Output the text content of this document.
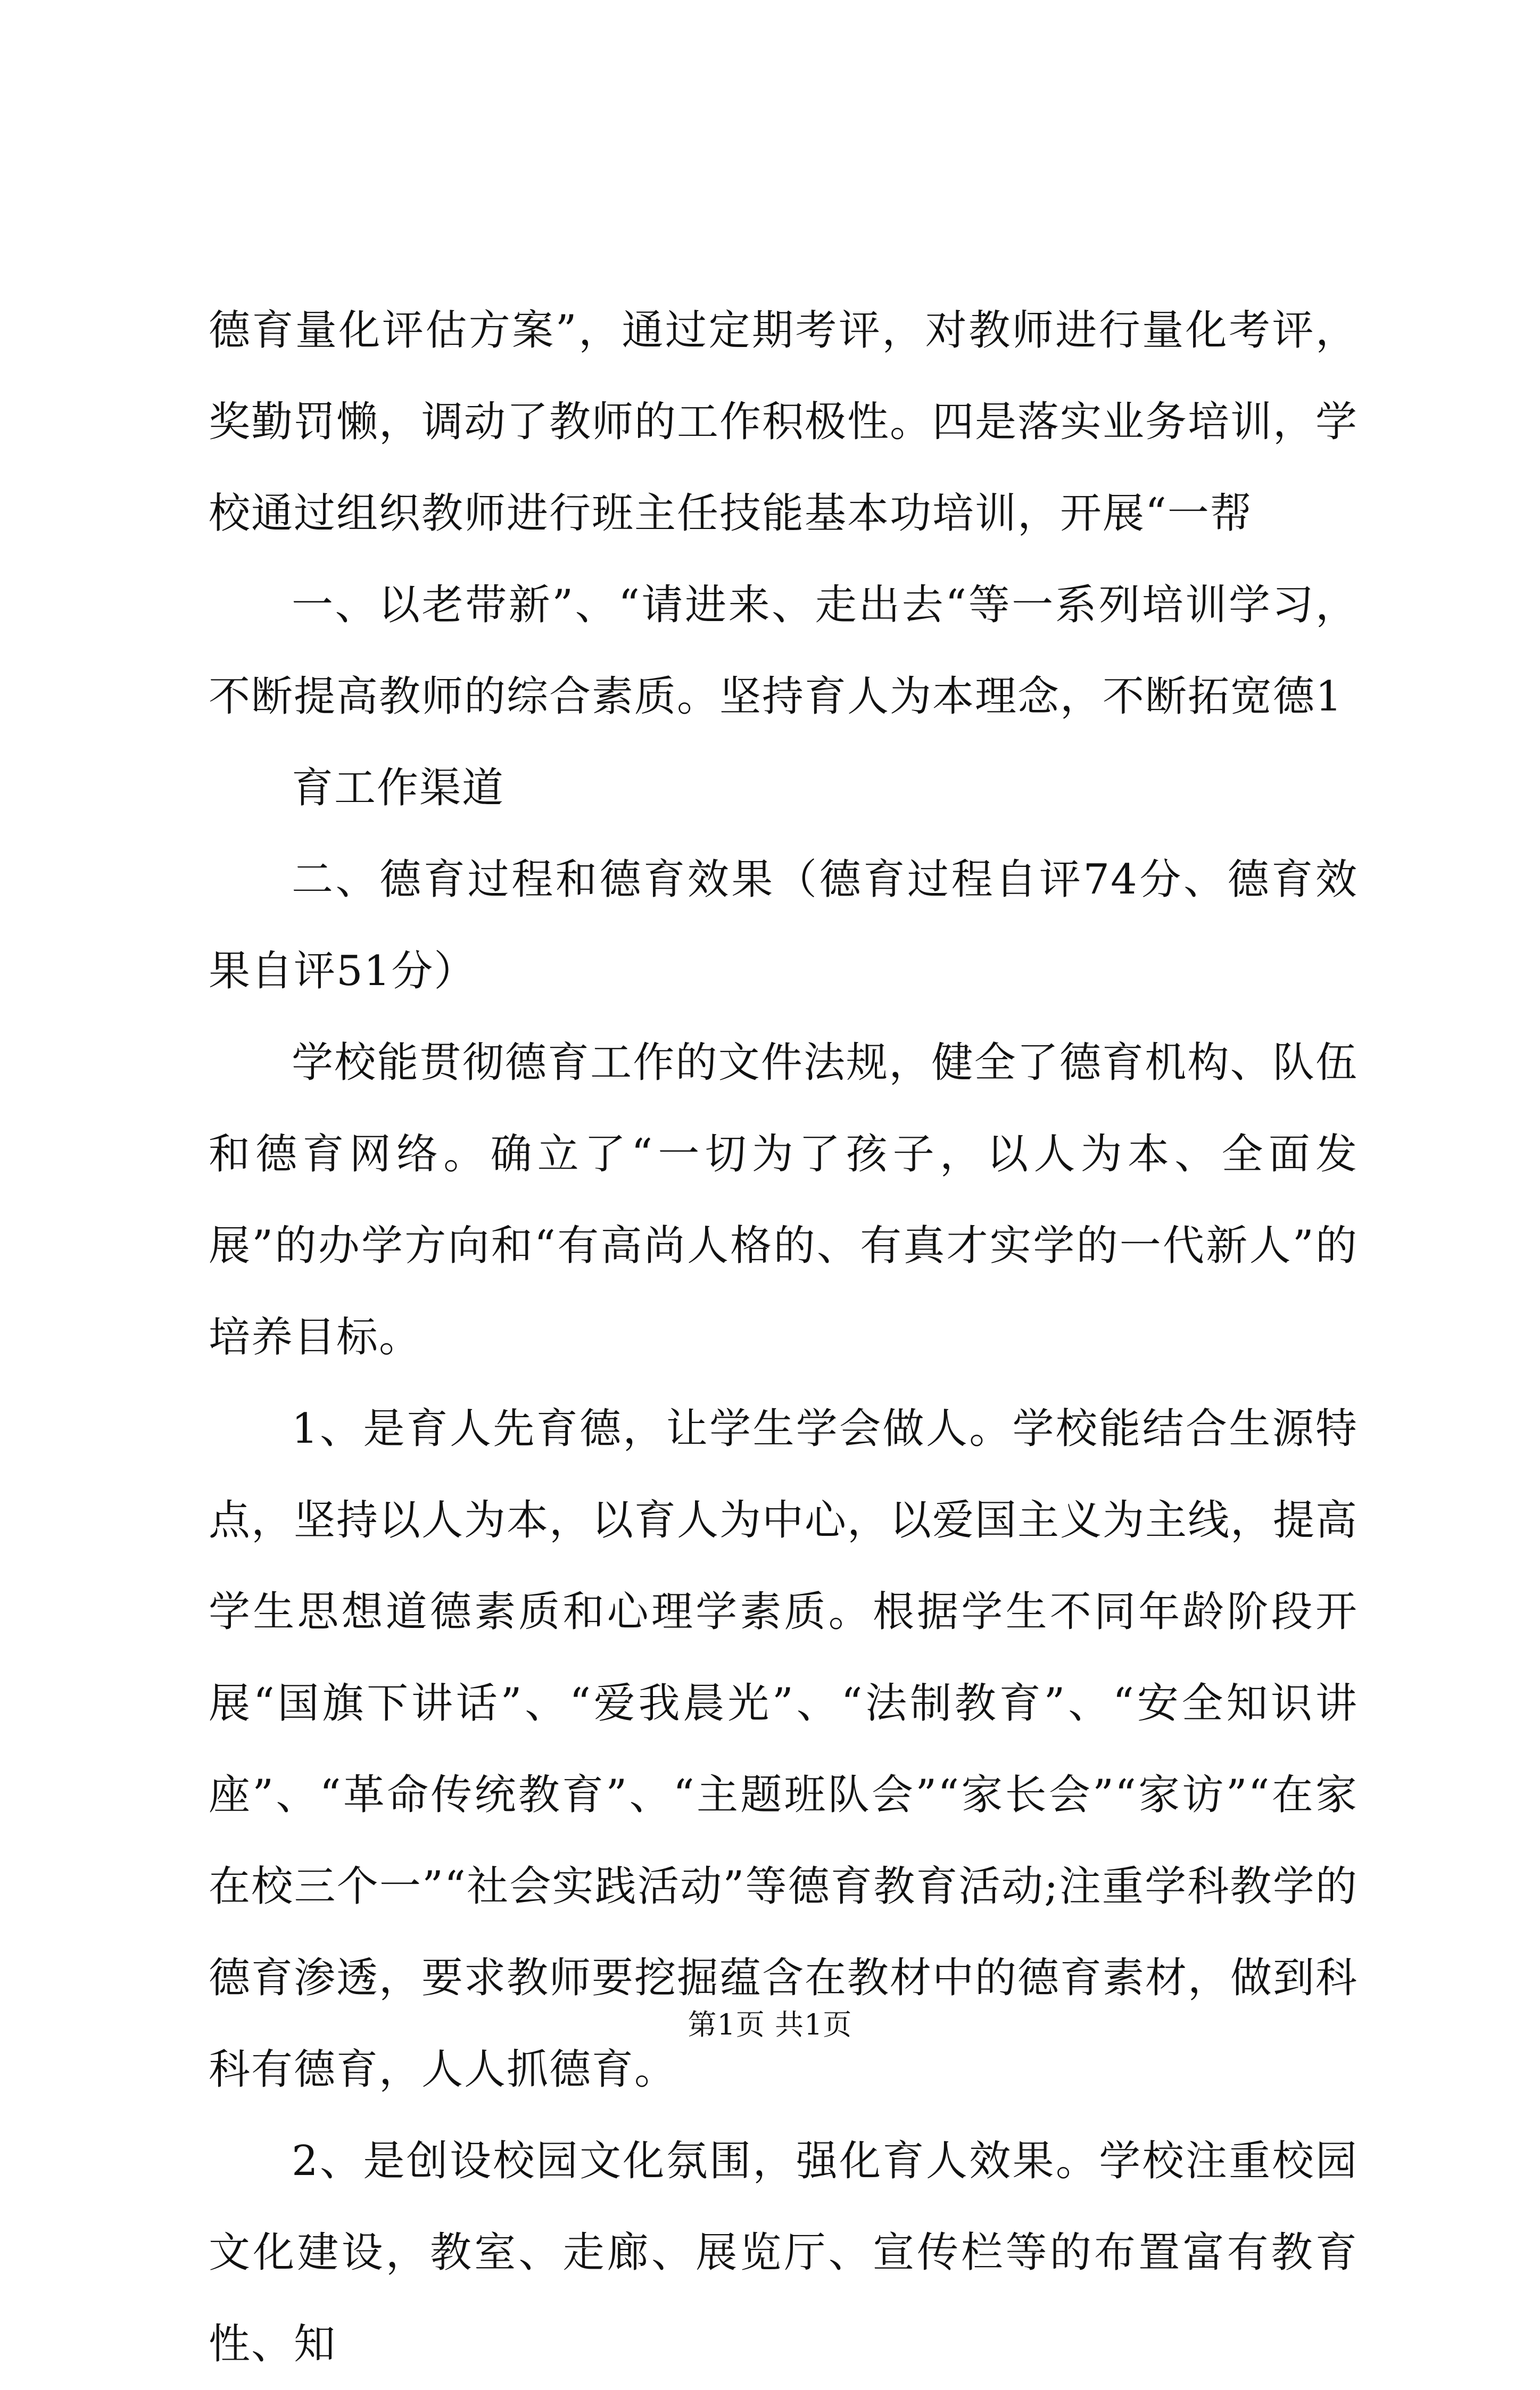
德育量化评估方案”，通过定期考评，对教师进行量化考评，奖勤罚懒，调动了教师的工作积极性。四是落实业务培训，学校通过组织教师进行班主任技能基本功培训，开展“一帮

一、以老带新”、“请进来、走出去“等一系列培训学习，不断提高教师的综合素质。坚持育人为本理念，不断拓宽德1

育工作渠道

二、德育过程和德育效果（德育过程自评74分、德育效果自评51分）

学校能贯彻德育工作的文件法规，健全了德育机构、队伍和德育网络。确立了“一切为了孩子，以人为本、全面发展”的办学方向和“有高尚人格的、有真才实学的一代新人”的培养目标。

1、是育人先育德，让学生学会做人。学校能结合生源特点，坚持以人为本，以育人为中心，以爱国主义为主线，提高学生思想道德素质和心理学素质。根据学生不同年龄阶段开展“国旗下讲话”、“爱我晨光”、“法制教育”、“安全知识讲座”、“革命传统教育”、“主题班队会”“家长会”“家访”“在家在校三个一”“社会实践活动”等德育教育活动;注重学科教学的德育渗透，要求教师要挖掘蕴含在教材中的德育素材，做到科科有德育，人人抓德育。

2、是创设校园文化氛围，强化育人效果。学校注重校园文化建设，教室、走廊、展览厅、宣传栏等的布置富有教育性、知

第1页 共1页
